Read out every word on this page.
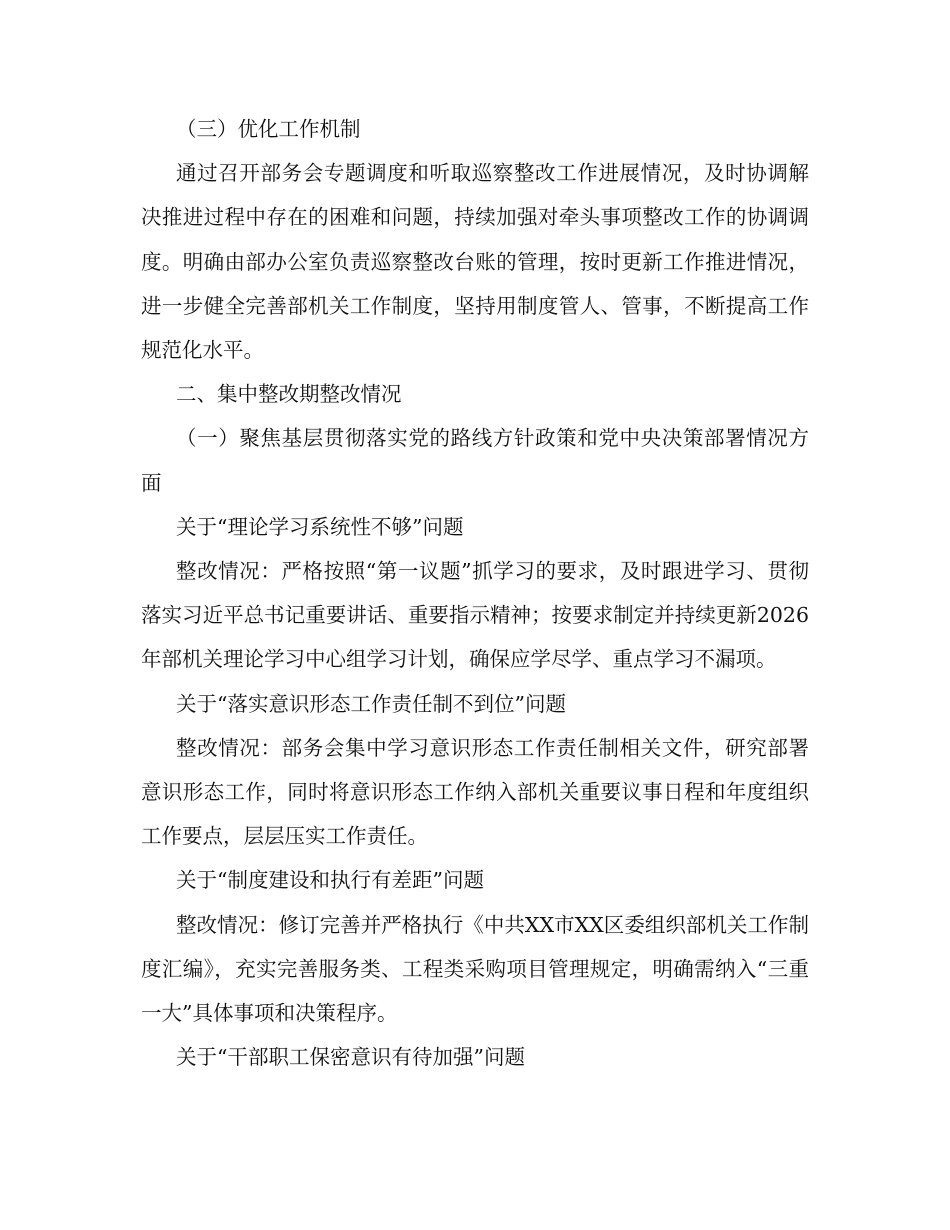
（三）优化工作机制

通过召开部务会专题调度和听取巡察整改工作进展情况，及时协调解决推进过程中存在的困难和问题，持续加强对牵头事项整改工作的协调调度。明确由部办公室负责巡察整改台账的管理，按时更新工作推进情况，进一步健全完善部机关工作制度，坚持用制度管人、管事，不断提高工作规范化水平。

二、集中整改期整改情况

（一）聚焦基层贯彻落实党的路线方针政策和党中央决策部署情况方面

关于“理论学习系统性不够”问题

整改情况：严格按照“第一议题”抓学习的要求，及时跟进学习、贯彻落实习近平总书记重要讲话、重要指示精神；按要求制定并持续更新2026年部机关理论学习中心组学习计划，确保应学尽学、重点学习不漏项。

关于“落实意识形态工作责任制不到位”问题

整改情况：部务会集中学习意识形态工作责任制相关文件，研究部署意识形态工作，同时将意识形态工作纳入部机关重要议事日程和年度组织工作要点，层层压实工作责任。

关于“制度建设和执行有差距”问题

整改情况：修订完善并严格执行《中共XX市XX区委组织部机关工作制度汇编》，充实完善服务类、工程类采购项目管理规定，明确需纳入“三重一大”具体事项和决策程序。

关于“干部职工保密意识有待加强”问题
